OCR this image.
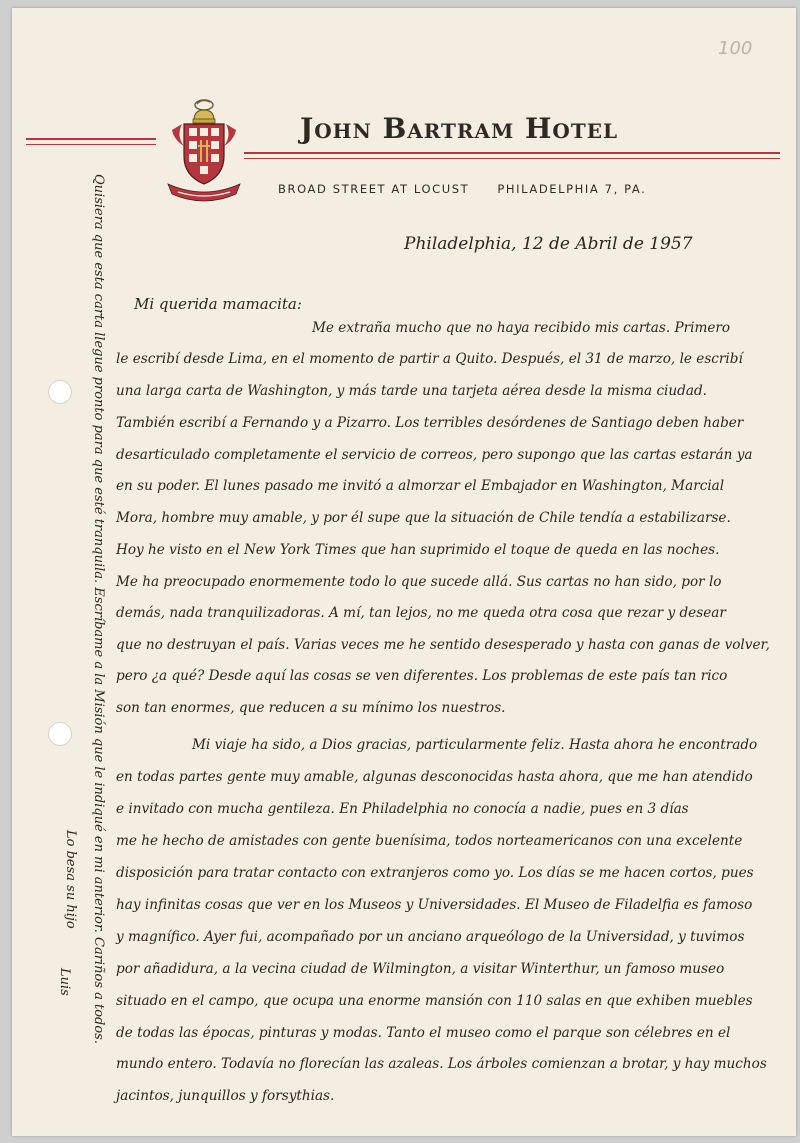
100
John Bartram Hotel
BROAD STREET AT LOCUST PHILADELPHIA 7, PA.
Philadelphia, 12 de Abril de 1957
Mi querida mamacita:
Me extraña mucho que no haya recibido mis cartas. Primero
le escribí desde Lima, en el momento de partir a Quito. Después, el 31 de marzo, le escribí
una larga carta de Washington, y más tarde una tarjeta aérea desde la misma ciudad.
También escribí a Fernando y a Pizarro. Los terribles desórdenes de Santiago deben haber
desarticulado completamente el servicio de correos, pero supongo que las cartas estarán ya
en su poder. El lunes pasado me invitó a almorzar el Embajador en Washington, Marcial
Mora, hombre muy amable, y por él supe que la situación de Chile tendía a estabilizarse.
Hoy he visto en el New York Times que han suprimido el toque de queda en las noches.
Me ha preocupado enormemente todo lo que sucede allá. Sus cartas no han sido, por lo
demás, nada tranquilizadoras. A mí, tan lejos, no me queda otra cosa que rezar y desear
que no destruyan el país. Varias veces me he sentido desesperado y hasta con ganas de volver,
pero ¿a qué? Desde aquí las cosas se ven diferentes. Los problemas de este país tan rico
son tan enormes, que reducen a su mínimo los nuestros.
Mi viaje ha sido, a Dios gracias, particularmente feliz. Hasta ahora he encontrado
en todas partes gente muy amable, algunas desconocidas hasta ahora, que me han atendido
e invitado con mucha gentileza. En Philadelphia no conocía a nadie, pues en 3 días
me he hecho de amistades con gente buenísima, todos norteamericanos con una excelente
disposición para tratar contacto con extranjeros como yo. Los días se me hacen cortos, pues
hay infinitas cosas que ver en los Museos y Universidades. El Museo de Filadelfia es famoso
y magnífico. Ayer fui, acompañado por un anciano arqueólogo de la Universidad, y tuvimos
por añadidura, a la vecina ciudad de Wilmington, a visitar Winterthur, un famoso museo
situado en el campo, que ocupa una enorme mansión con 110 salas en que exhiben muebles
de todas las épocas, pinturas y modas. Tanto el museo como el parque son célebres en el
mundo entero. Todavía no florecían las azaleas. Los árboles comienzan a brotar, y hay muchos
jacintos, junquillos y forsythias.
Quisiera que esta carta llegue pronto para que esté tranquila. Escríbame a la Misión que le indiqué en mi anterior. Cariños a todos.
Lo besa su hijo
Luis
